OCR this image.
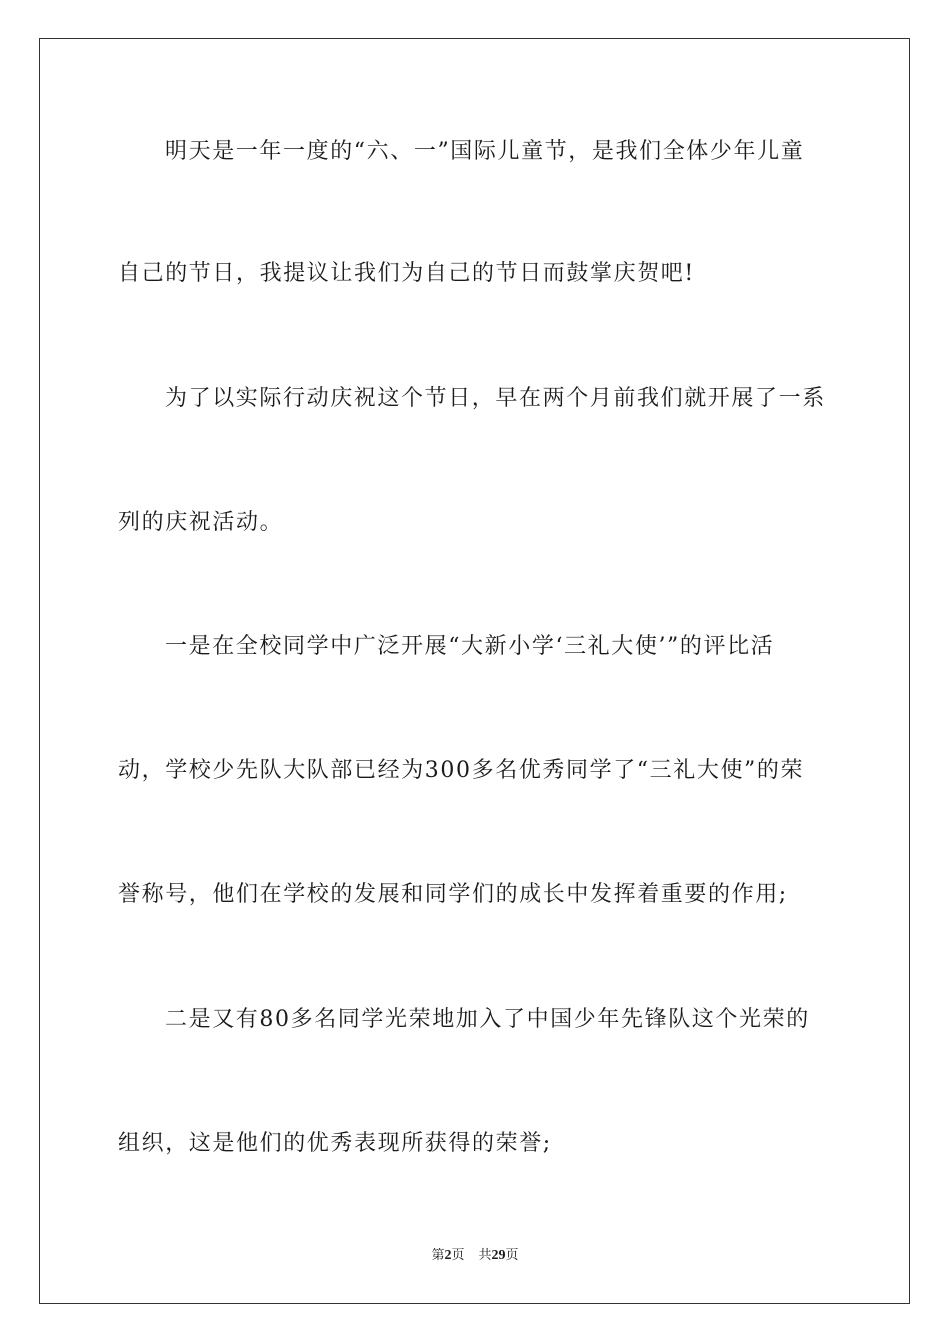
明天是一年一度的“六、一”国际儿童节，是我们全体少年儿童
自己的节日，我提议让我们为自己的节日而鼓掌庆贺吧!
为了以实际行动庆祝这个节日，早在两个月前我们就开展了一系
列的庆祝活动。
一是在全校同学中广泛开展“大新小学‘三礼大使’”的评比活
动，学校少先队大队部已经为300多名优秀同学了“三礼大使”的荣
誉称号，他们在学校的发展和同学们的成长中发挥着重要的作用;
二是又有80多名同学光荣地加入了中国少年先锋队这个光荣的
组织，这是他们的优秀表现所获得的荣誉;
第2页 共29页
